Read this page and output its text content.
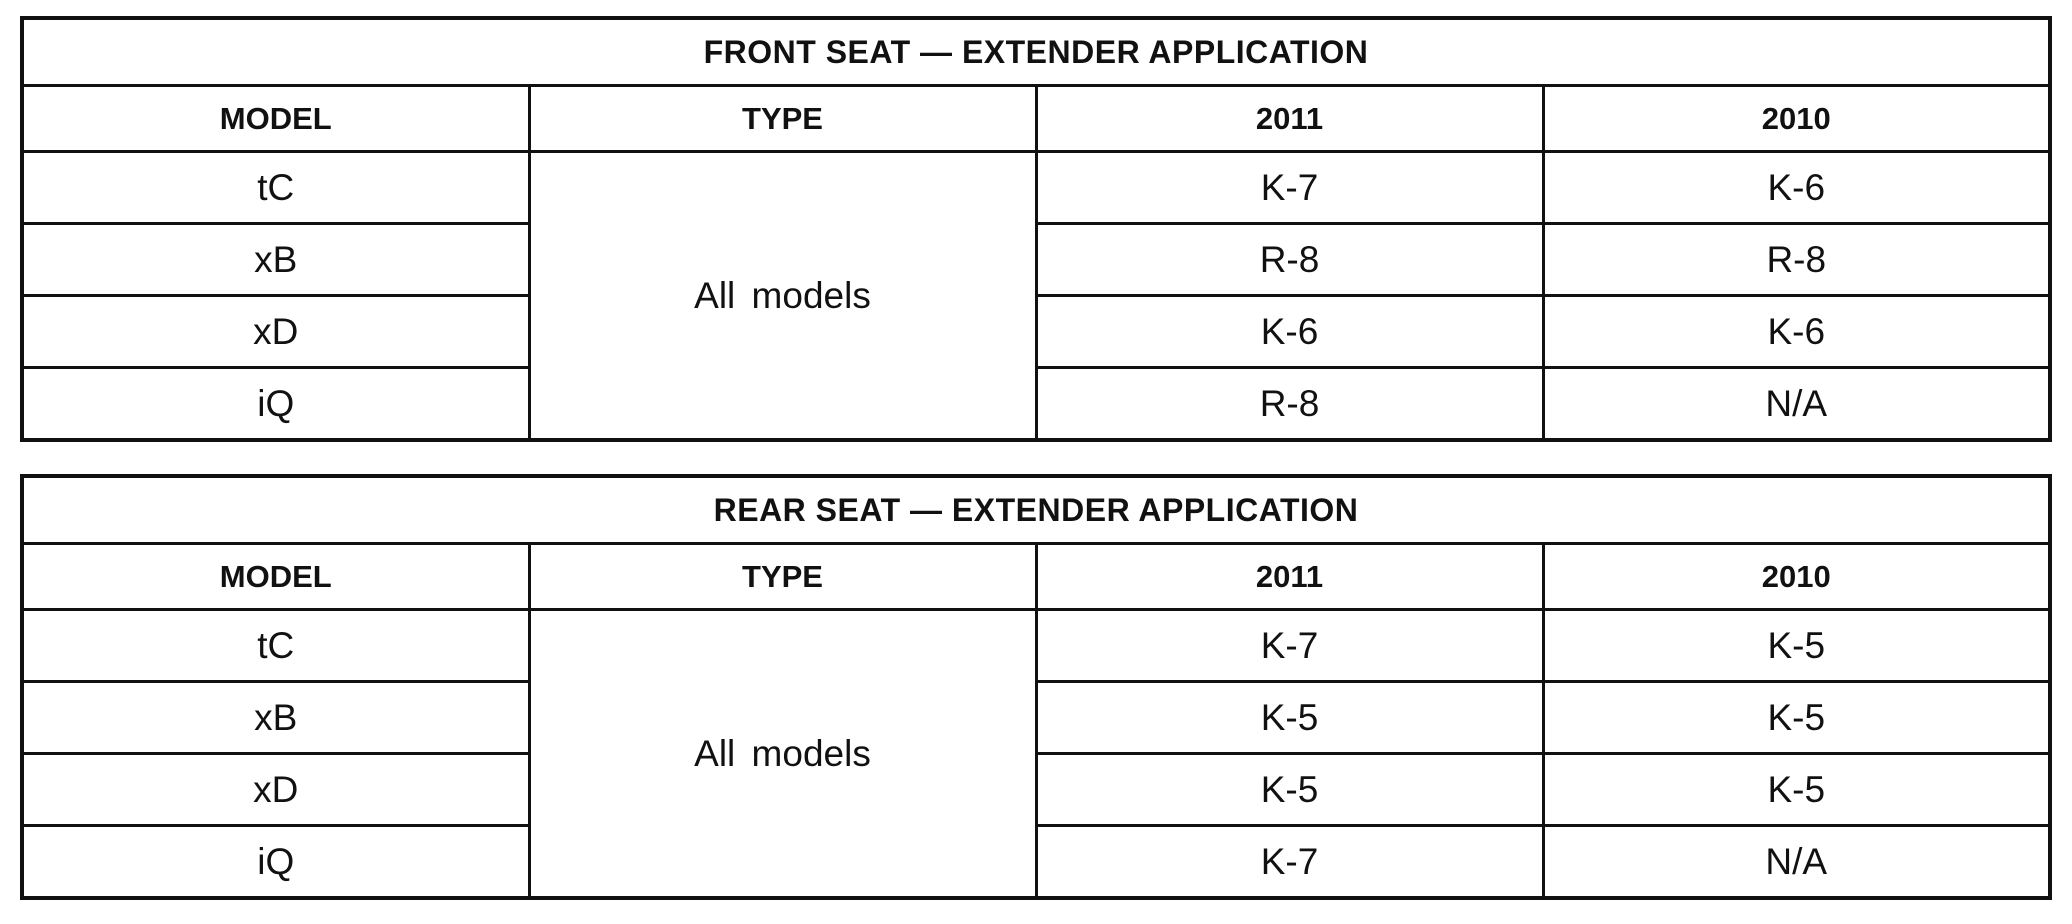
FRONT SEAT — EXTENDER APPLICATION			
MODEL	TYPE	2011	2010
tC	All models	K-7	K-6
xB		R-8	R-8
xD		K-6	K-6
iQ		R-8	N/A
REAR SEAT — EXTENDER APPLICATION			
MODEL	TYPE	2011	2010
tC	All models	K-7	K-5
xB		K-5	K-5
xD		K-5	K-5
iQ		K-7	N/A
